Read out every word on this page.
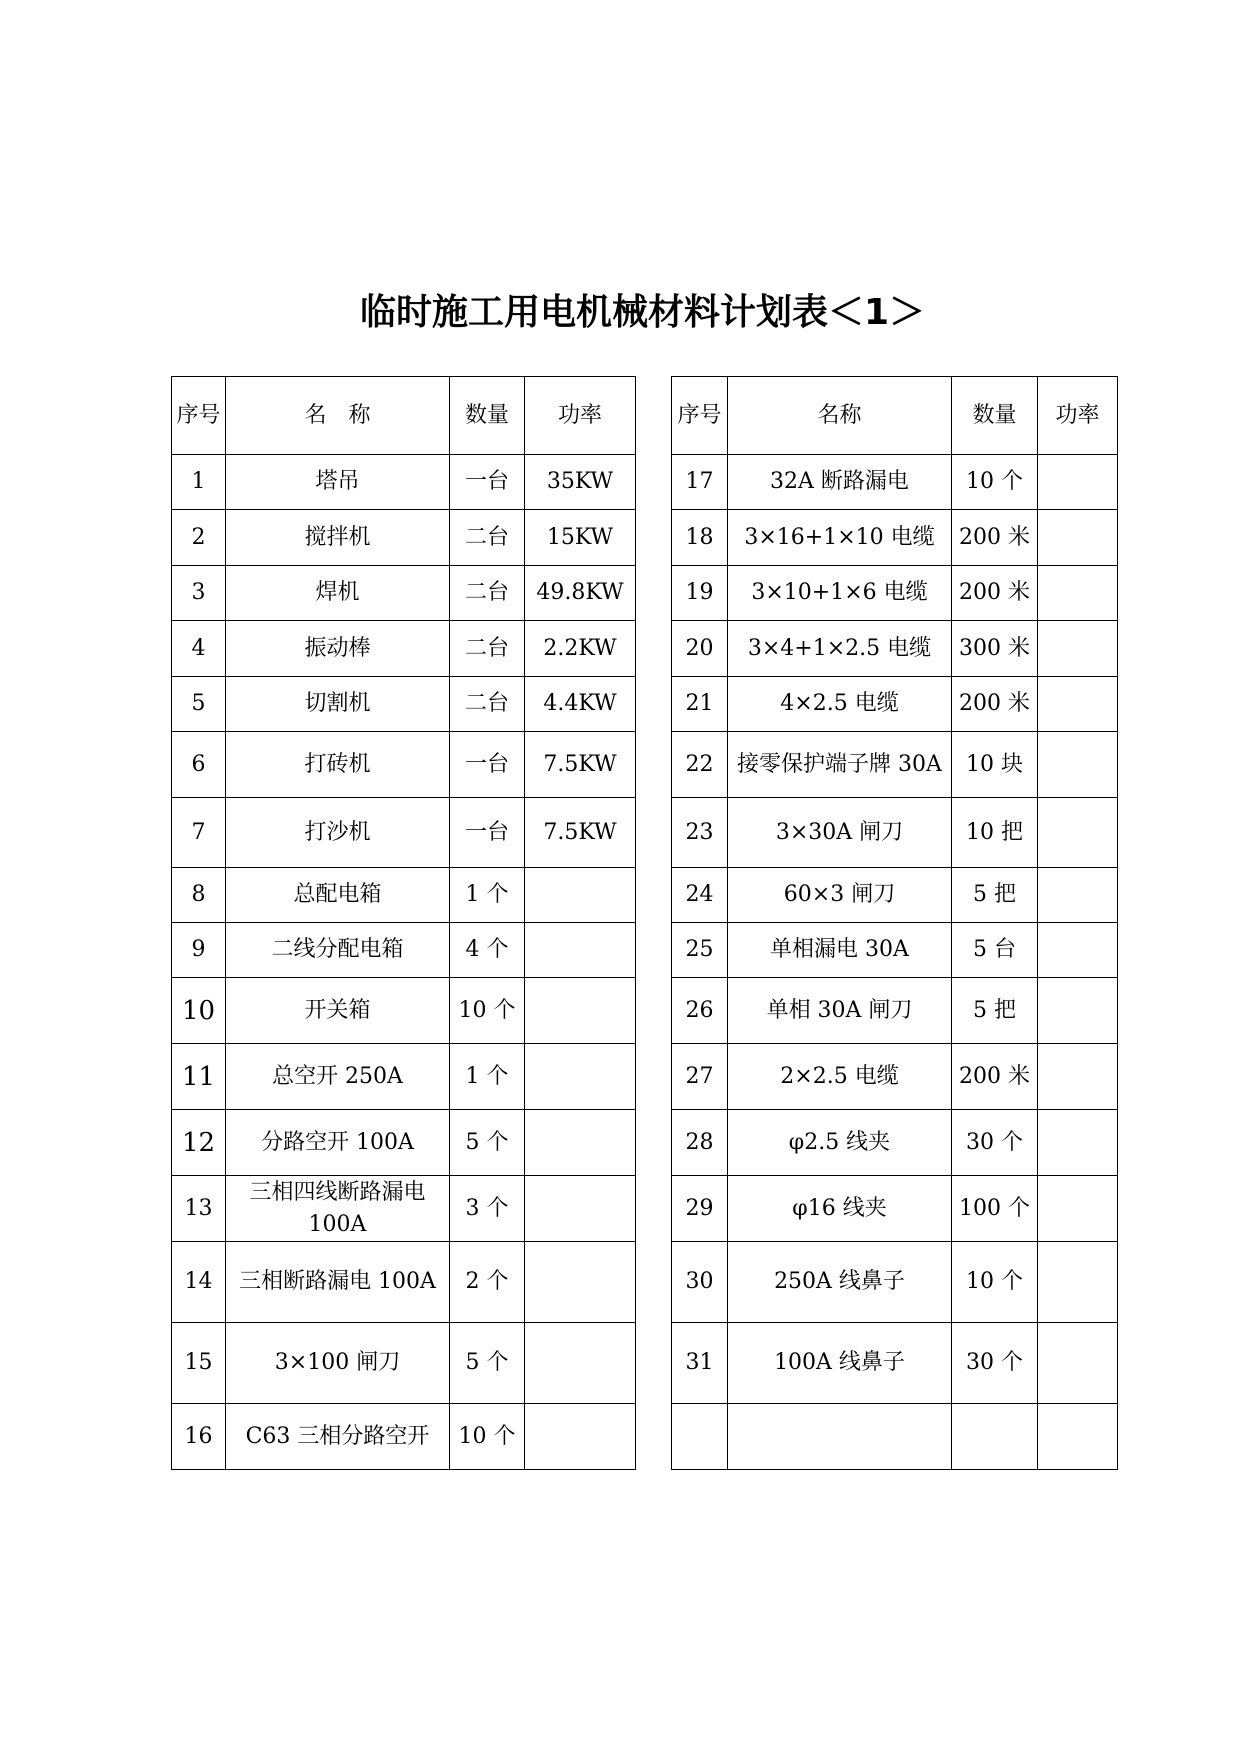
临时施工用电机械材料计划表＜1＞
序号	名　称	数量	功率
1	塔吊	一台	35KW
2	搅拌机	二台	15KW
3	焊机	二台	49.8KW
4	振动棒	二台	2.2KW
5	切割机	二台	4.4KW
6	打砖机	一台	7.5KW
7	打沙机	一台	7.5KW
8	总配电箱	1 个	
9	二线分配电箱	4 个	
10	开关箱	10 个	
11	总空开 250A	1 个	
12	分路空开 100A	5 个	
13	三相四线断路漏电100A	3 个	
14	三相断路漏电 100A	2 个	
15	3×100 闸刀	5 个	
16	C63 三相分路空开	10 个	
序号	名称	数量	功率
17	32A 断路漏电	10 个	
18	3×16+1×10 电缆	200 米	
19	3×10+1×6 电缆	200 米	
20	3×4+1×2.5 电缆	300 米	
21	4×2.5 电缆	200 米	
22	接零保护端子牌 30A	10 块	
23	3×30A 闸刀	10 把	
24	60×3 闸刀	5 把	
25	单相漏电 30A	5 台	
26	单相 30A 闸刀	5 把	
27	2×2.5 电缆	200 米	
28	φ2.5 线夹	30 个	
29	φ16 线夹	100 个	
30	250A 线鼻子	10 个	
31	100A 线鼻子	30 个	
